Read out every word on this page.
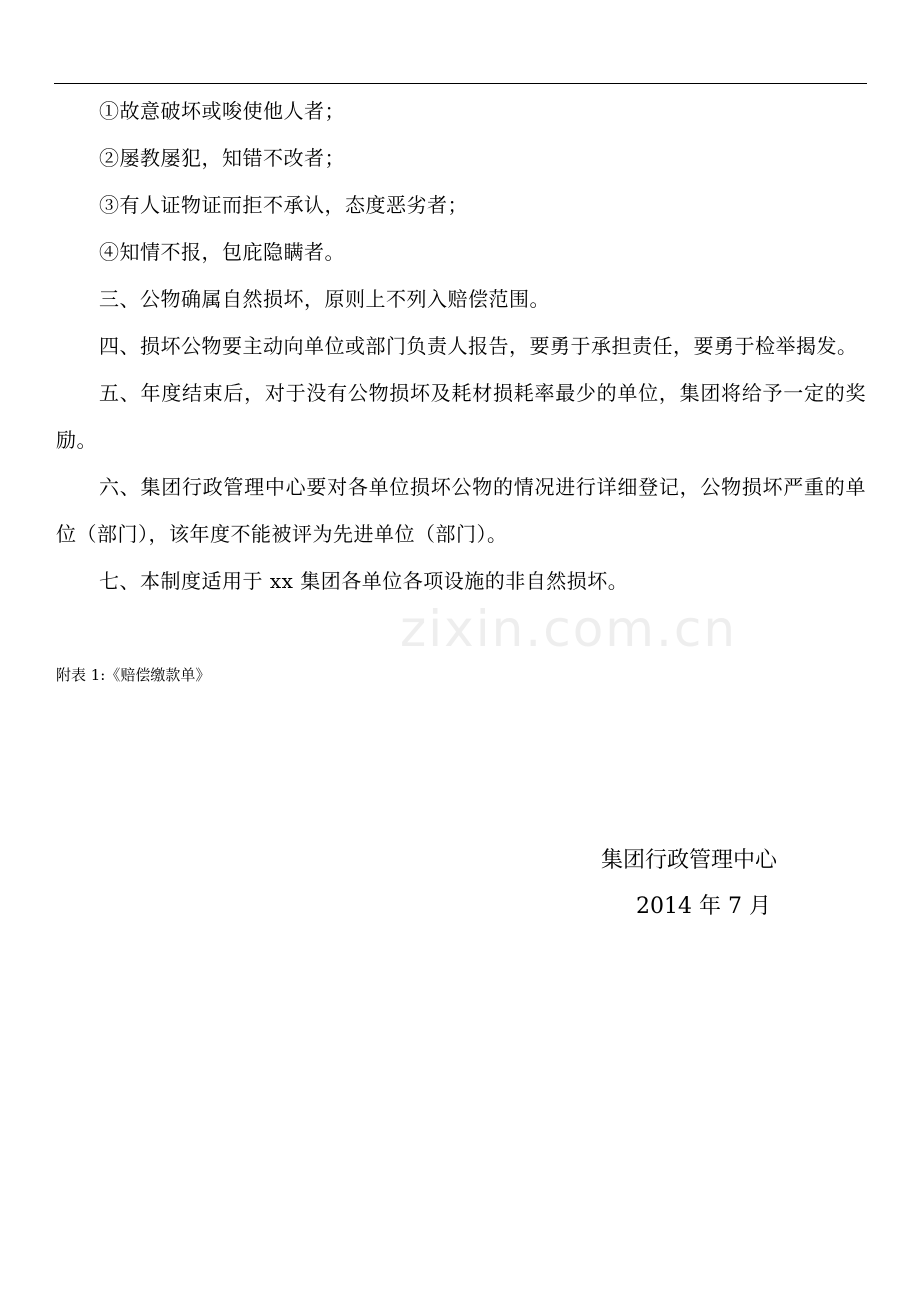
①故意破坏或唆使他人者；

②屡教屡犯，知错不改者；

③有人证物证而拒不承认，态度恶劣者；

④知情不报，包庇隐瞒者。

三、公物确属自然损坏，原则上不列入赔偿范围。

四、损坏公物要主动向单位或部门负责人报告，要勇于承担责任，要勇于检举揭发。

五、年度结束后，对于没有公物损坏及耗材损耗率最少的单位，集团将给予一定的奖励。

六、集团行政管理中心要对各单位损坏公物的情况进行详细登记，公物损坏严重的单位（部门），该年度不能被评为先进单位（部门）。

七、本制度适用于 xx 集团各单位各项设施的非自然损坏。

zixin.com.cn

附表 1:《赔偿缴款单》

集团行政管理中心
2014 年 7 月
